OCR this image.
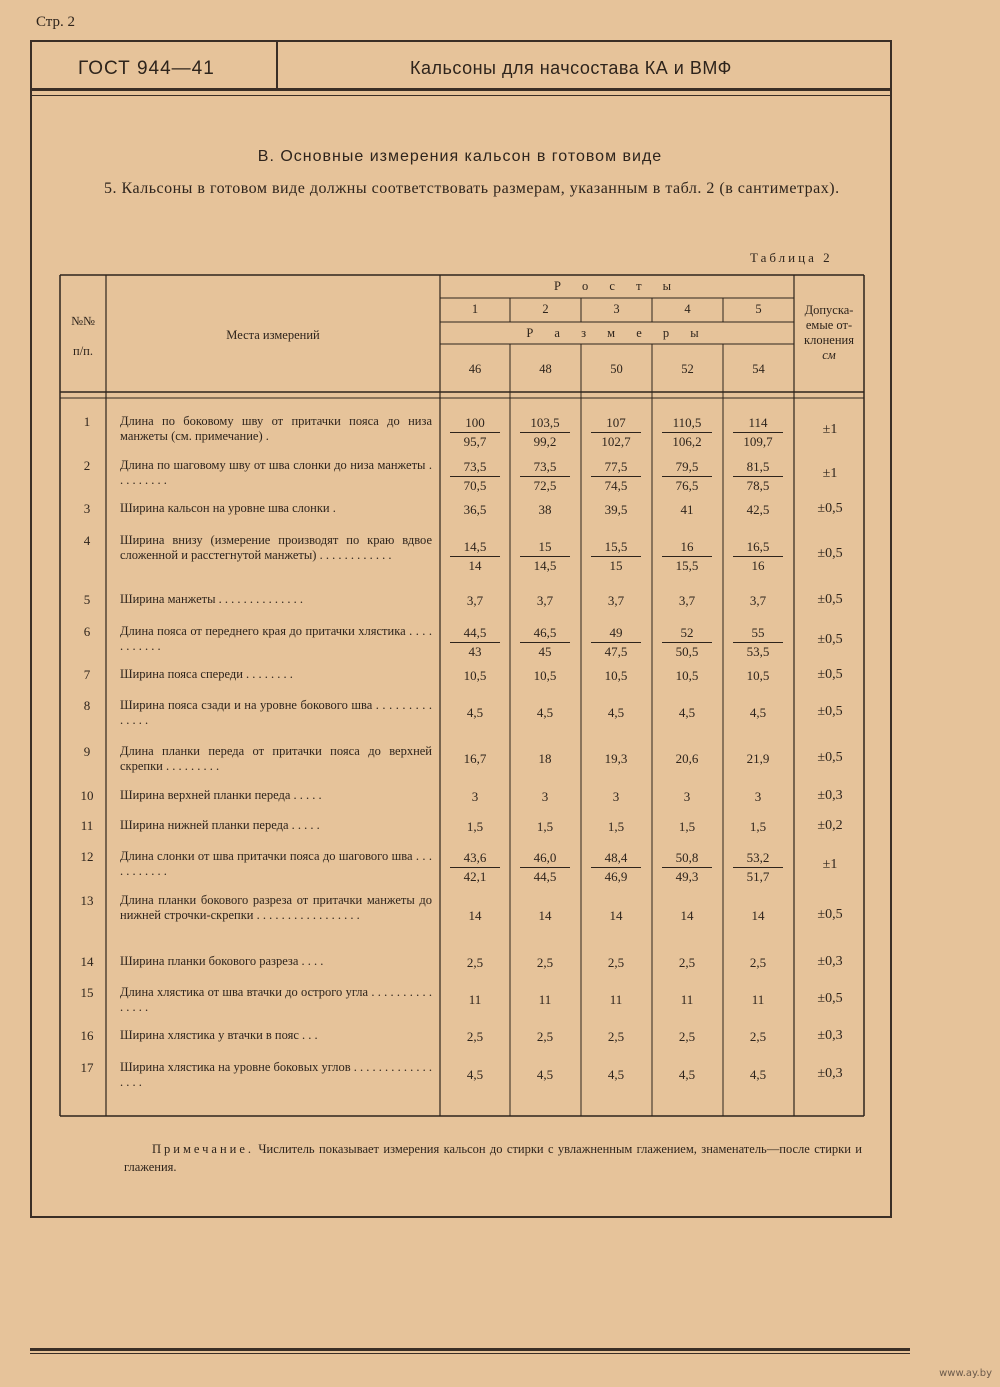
Стр. 2
ГОСТ 944—41	Кальсоны для начсостава КА и ВМФ
В. Основные измерения кальсон в готовом виде
5. Кальсоны в готовом виде должны соответствовать размерам, указанным в табл. 2 (в сантиметрах).
Таблица 2
№№
п/п.
Места измерений
Р о с т ы
1	2	3	4	5
Р а з м е р ы
46	48	50	52	54
Допуска-
емые от-
клонения
см
1	Длина по боковому шву от притачки пояса до низа манжеты (см. примечание) .	$\frac{100}{95,7} \frac{103,5}{99,2} \frac{107}{102,7} \frac{110,5}{106,2} \frac{114}{109,7}$	±1
2	Длина по шаговому шву от шва слонки до низа манжеты . . . . . . . . .	$\frac{73,5}{70,5} \frac{73,5}{72,5} \frac{77,5}{74,5} \frac{79,5}{76,5} \frac{81,5}{78,5}$	±1
3	Ширина кальсон на уровне шва слонки .	36,5	38	39,5	41	42,5	±0,5
4	Ширина внизу (измерение производят по краю вдвое сложенной и расстегнутой манжеты) . . . . . . . . . . . .	$\frac{14,5}{14} \frac{15}{14,5} \frac{15,5}{15} \frac{16}{15,5} \frac{16,5}{16}$	±0,5
5	Ширина манжеты . . . . . . . . . . . . . .	3,7	3,7	3,7	3,7	3,7	±0,5
6	Длина пояса от переднего края до притачки хлястика . . . . . . . . . . .	$\frac{44,5}{43} \frac{46,5}{45} \frac{49}{47,5} \frac{52}{50,5} \frac{55}{53,5}$	±0,5
7	Ширина пояса спереди . . . . . . . .	10,5	10,5	10,5	10,5	10,5	±0,5
8	Ширина пояса сзади и на уровне бокового шва . . . . . . . . . . . . . .	4,5	4,5	4,5	4,5	4,5	±0,5
9	Длина планки переда от притачки пояса до верхней скрепки . . . . . . . . .	16,7	18	19,3	20,6	21,9	±0,5
10	Ширина верхней планки переда . . . . .	3	3	3	3	3	±0,3
11	Ширина нижней планки переда . . . . .	1,5	1,5	1,5	1,5	1,5	±0,2
12	Длина слонки от шва притачки пояса до шагового шва . . . . . . . . . . .	$\frac{43,6}{42,1} \frac{46,0}{44,5} \frac{48,4}{46,9} \frac{50,8}{49,3} \frac{53,2}{51,7}$	±1
13	Длина планки бокового разреза от притачки манжеты до нижней строчки-скрепки . . . . . . . . . . . . . . . . .	14	14	14	14	14	±0,5
14	Ширина планки бокового разреза . . . .	2,5	2,5	2,5	2,5	2,5	±0,3
15	Длина хлястика от шва втачки до острого угла . . . . . . . . . . . . . . .	11	11	11	11	11	±0,5
16	Ширина хлястика у втачки в пояс . . .	2,5	2,5	2,5	2,5	2,5	±0,3
17	Ширина хлястика на уровне боковых углов . . . . . . . . . . . . . . . . .	4,5	4,5	4,5	4,5	4,5	±0,3
Примечание. Числитель показывает измерения кальсон до стирки с увлажненным глажением, знаменатель—после стирки и глажения.
www.ay.by
